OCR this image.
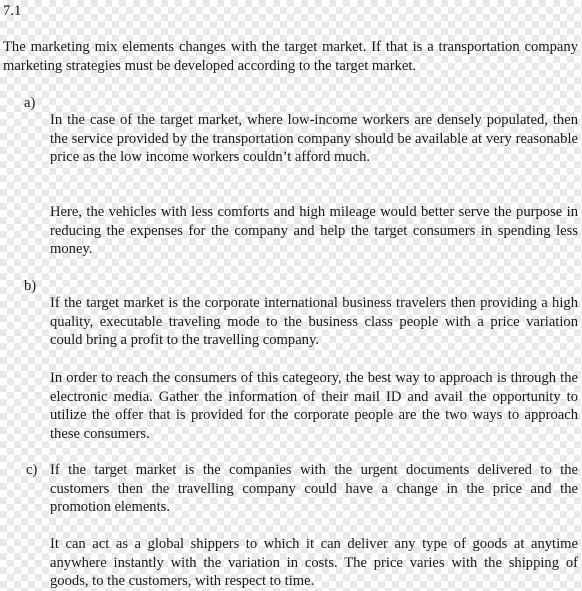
7.1

The marketing mix elements changes with the target market. If that is a transportation company marketing strategies must be developed according to the target market.

a)

In the case of the target market, where low-income workers are densely populated, then the service provided by the transportation company should be available at very reasonable price as the low income workers couldn’t afford much.

Here, the vehicles with less comforts and high mileage would better serve the purpose in reducing the expenses for the company and help the target consumers in spending less money.

b)

If the target market is the corporate international business travelers then providing a high quality, executable traveling mode to the business class people with a price variation could bring a profit to the travelling company.

In order to reach the consumers of this categeory, the best way to approach is through the electronic media. Gather the information of their mail ID and avail the opportunity to utilize the offer that is provided for the corporate people are the two ways to approach these consumers.

c) If the target market is the companies with the urgent documents delivered to the customers then the travelling company could have a change in the price and the promotion elements.

It can act as a global shippers to which it can deliver any type of goods at anytime anywhere instantly with the variation in costs. The price varies with the shipping of goods, to the customers, with respect to time.
